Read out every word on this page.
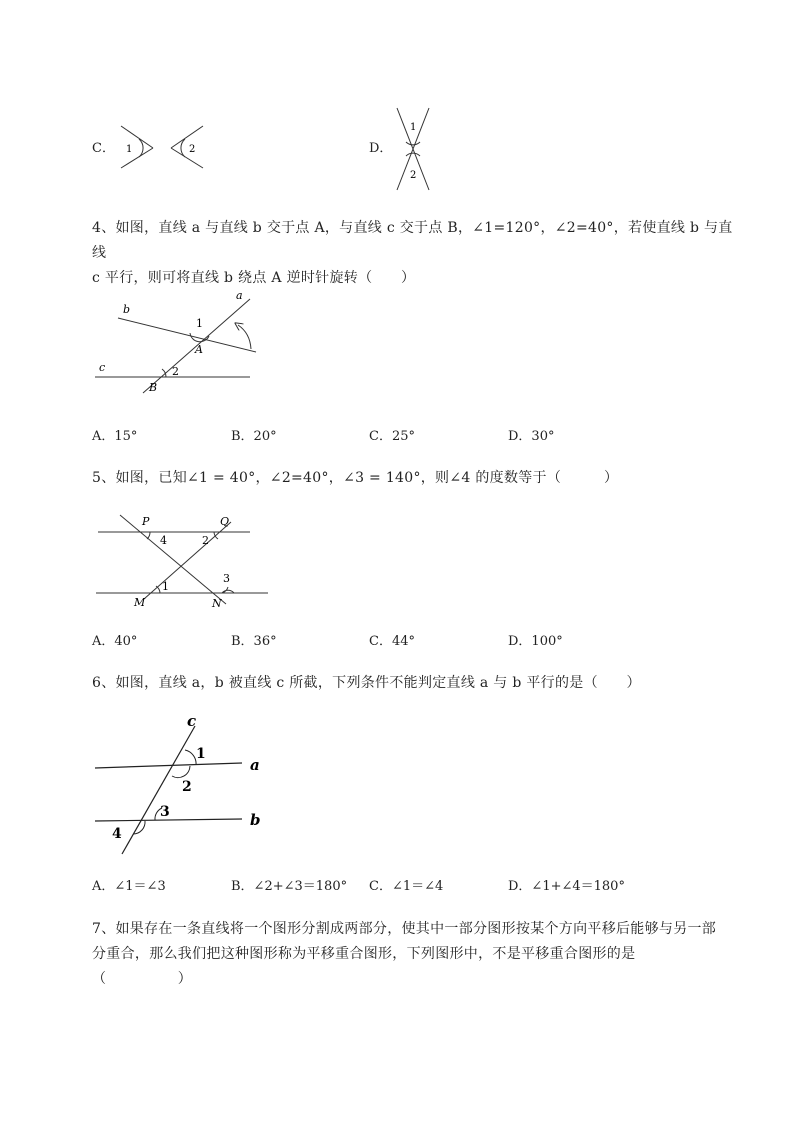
C． 1	2	D．
1
2
4、如图，直线 a 与直线 b 交于点 A，与直线 c 交于点 B，∠1=120°，∠2=40°，若使直线 b 与直线
c 平行，则可将直线 b 绕点 A 逆时针旋转（　　）
a
b
c
A
B
1
2
A．15°	B．20°	C．25°	D．30°
5、如图，已知∠1 = 40°，∠2=40°，∠3 = 140°，则∠4 的度数等于（　　　）
P	Q
M	N
4	2
1
3
A．40°	B．36°	C．44°	D．100°
6、如图，直线 a，b 被直线 c 所截，下列条件不能判定直线 a 与 b 平行的是（　　）
c
a
b
1
2
3
4
A．∠1＝∠3	B．∠2+∠3＝180° C．∠1＝∠4	D．∠1+∠4＝180°
7、如果存在一条直线将一个图形分割成两部分，使其中一部分图形按某个方向平移后能够与另一部
分重合，那么我们把这种图形称为平移重合图形，下列图形中，不是平移重合图形的是
（　　　　　）
